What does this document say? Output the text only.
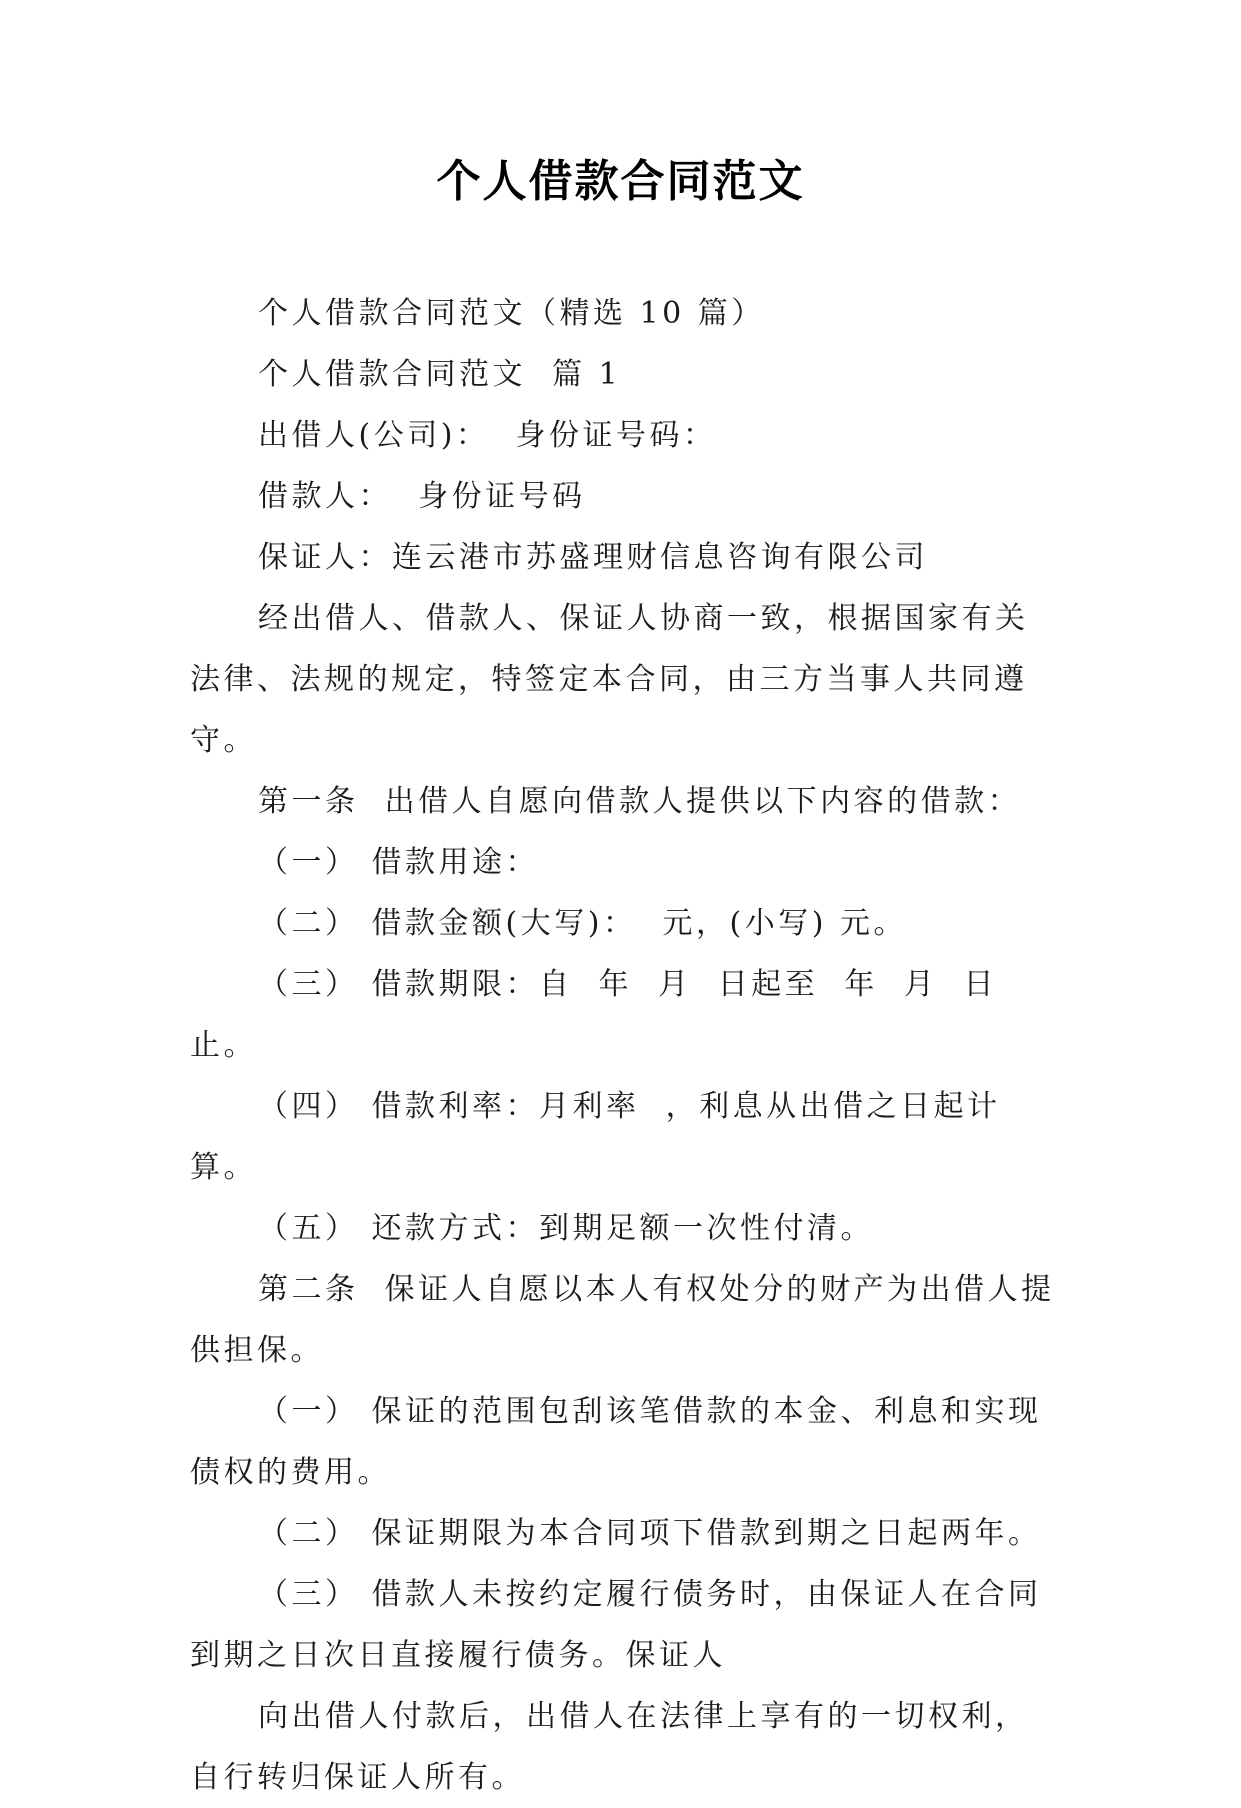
个人借款合同范文

个人借款合同范文（精选 10 篇）

个人借款合同范文  篇 1

出借人(公司)：  身份证号码：

借款人：  身份证号码

保证人：连云港市苏盛理财信息咨询有限公司

经出借人、借款人、保证人协商一致，根据国家有关法律、法规的规定，特签定本合同，由三方当事人共同遵守。

第一条  出借人自愿向借款人提供以下内容的借款：

（一） 借款用途：

（二） 借款金额(大写)：  元，(小写) 元。

（三） 借款期限：自  年  月  日起至  年  月  日止。

（四） 借款利率：月利率  ，利息从出借之日起计算。

（五） 还款方式：到期足额一次性付清。

第二条  保证人自愿以本人有权处分的财产为出借人提供担保。

（一） 保证的范围包刮该笔借款的本金、利息和实现债权的费用。

（二） 保证期限为本合同项下借款到期之日起两年。

（三） 借款人未按约定履行债务时，由保证人在合同到期之日次日直接履行债务。保证人

向出借人付款后，出借人在法律上享有的一切权利，自行转归保证人所有。
